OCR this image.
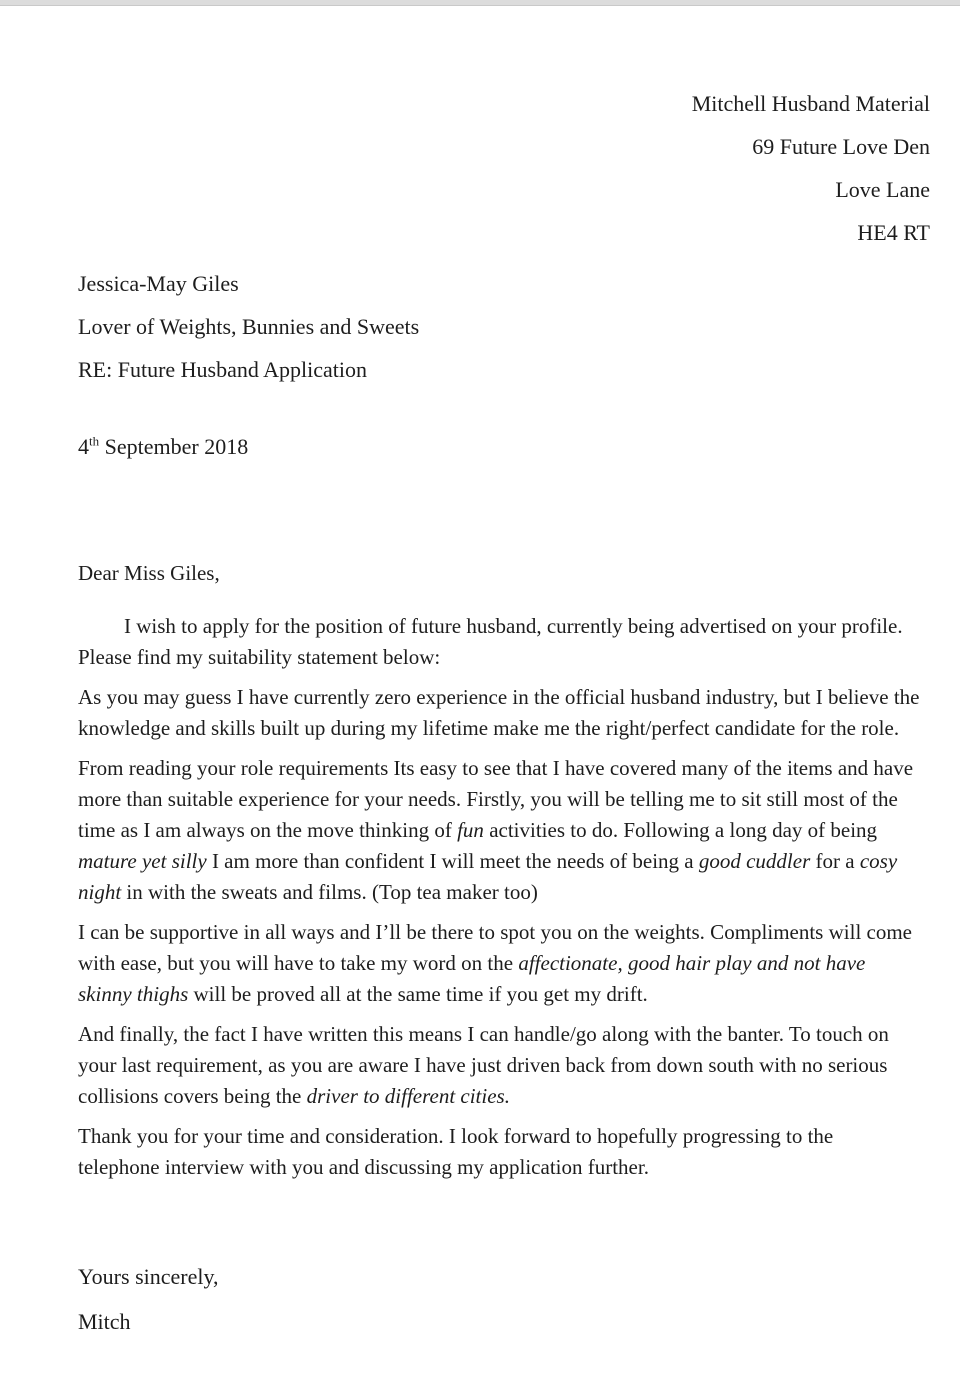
Mitchell Husband Material
69 Future Love Den
Love Lane
HE4 RT
Jessica-May Giles
Lover of Weights, Bunnies and Sweets
RE: Future Husband Application
4th September 2018
Dear Miss Giles,

I wish to apply for the position of future husband, currently being advertised on your profile. Please find my suitability statement below:

As you may guess I have currently zero experience in the official husband industry, but I believe the knowledge and skills built up during my lifetime make me the right/perfect candidate for the role.

From reading your role requirements Its easy to see that I have covered many of the items and have more than suitable experience for your needs. Firstly, you will be telling me to sit still most of the time as I am always on the move thinking of fun activities to do. Following a long day of being mature yet silly I am more than confident I will meet the needs of being a good cuddler for a cosy night in with the sweats and films. (Top tea maker too)

I can be supportive in all ways and I’ll be there to spot you on the weights. Compliments will come with ease, but you will have to take my word on the affectionate, good hair play and not have skinny thighs will be proved all at the same time if you get my drift.

And finally, the fact I have written this means I can handle/go along with the banter. To touch on your last requirement, as you are aware I have just driven back from down south with no serious collisions covers being the driver to different cities.

Thank you for your time and consideration. I look forward to hopefully progressing to the telephone interview with you and discussing my application further.

Yours sincerely,
Mitch
